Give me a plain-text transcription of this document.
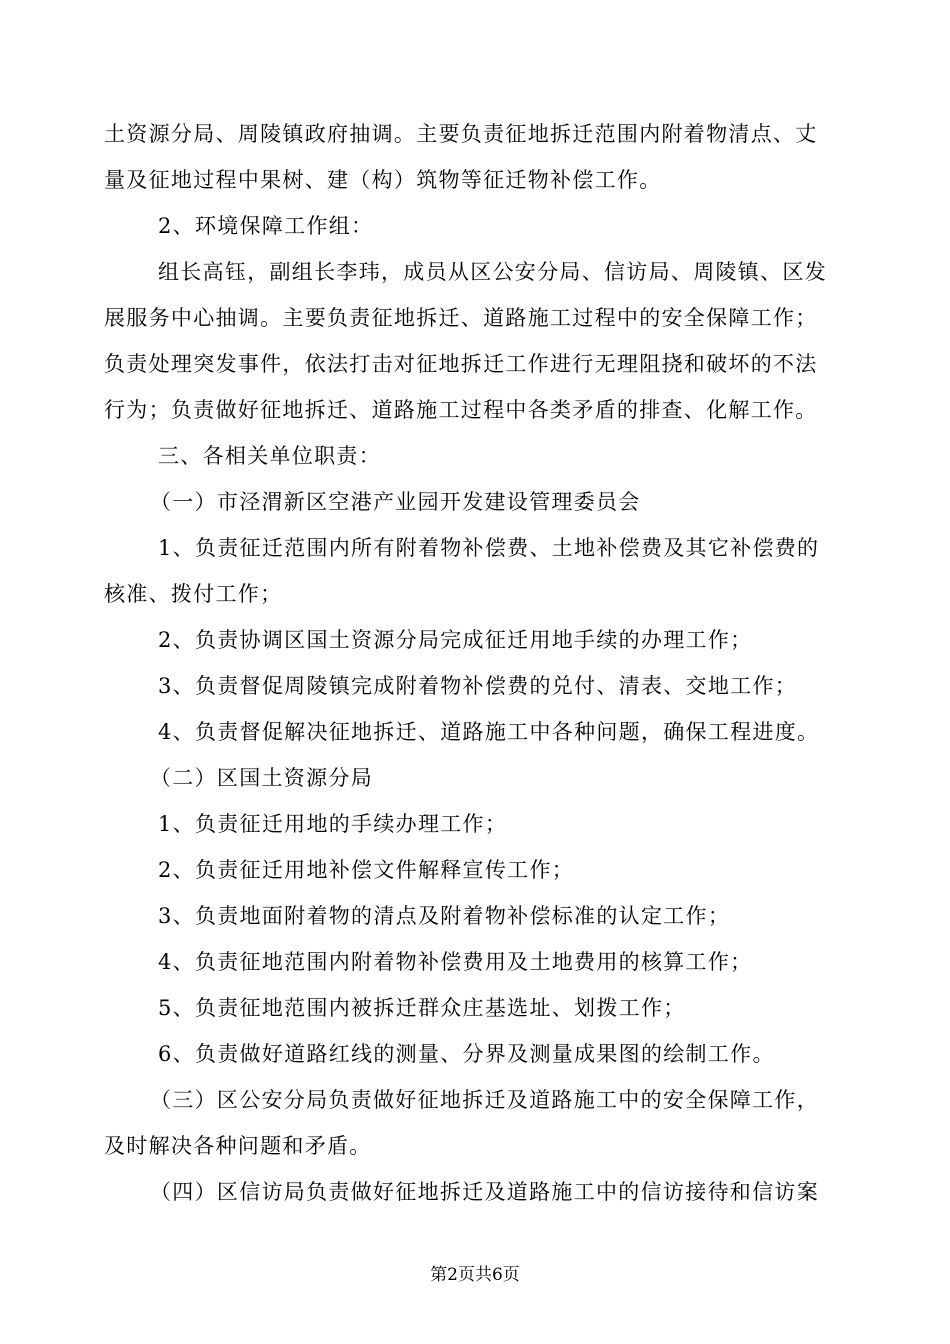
土资源分局、周陵镇政府抽调。主要负责征地拆迁范围内附着物清点、丈
量及征地过程中果树、建（构）筑物等征迁物补偿工作。
2、环境保障工作组：
组长高钰，副组长李玮，成员从区公安分局、信访局、周陵镇、区发
展服务中心抽调。主要负责征地拆迁、道路施工过程中的安全保障工作；
负责处理突发事件，依法打击对征地拆迁工作进行无理阻挠和破坏的不法
行为；负责做好征地拆迁、道路施工过程中各类矛盾的排查、化解工作。
三、各相关单位职责：
（一）市泾渭新区空港产业园开发建设管理委员会
1、负责征迁范围内所有附着物补偿费、土地补偿费及其它补偿费的
核准、拨付工作；
2、负责协调区国土资源分局完成征迁用地手续的办理工作；
3、负责督促周陵镇完成附着物补偿费的兑付、清表、交地工作；
4、负责督促解决征地拆迁、道路施工中各种问题，确保工程进度。
（二）区国土资源分局
1、负责征迁用地的手续办理工作；
2、负责征迁用地补偿文件解释宣传工作；
3、负责地面附着物的清点及附着物补偿标准的认定工作；
4、负责征地范围内附着物补偿费用及土地费用的核算工作；
5、负责征地范围内被拆迁群众庄基选址、划拨工作；
6、负责做好道路红线的测量、分界及测量成果图的绘制工作。
（三）区公安分局负责做好征地拆迁及道路施工中的安全保障工作，
及时解决各种问题和矛盾。
（四）区信访局负责做好征地拆迁及道路施工中的信访接待和信访案
第2页共6页
